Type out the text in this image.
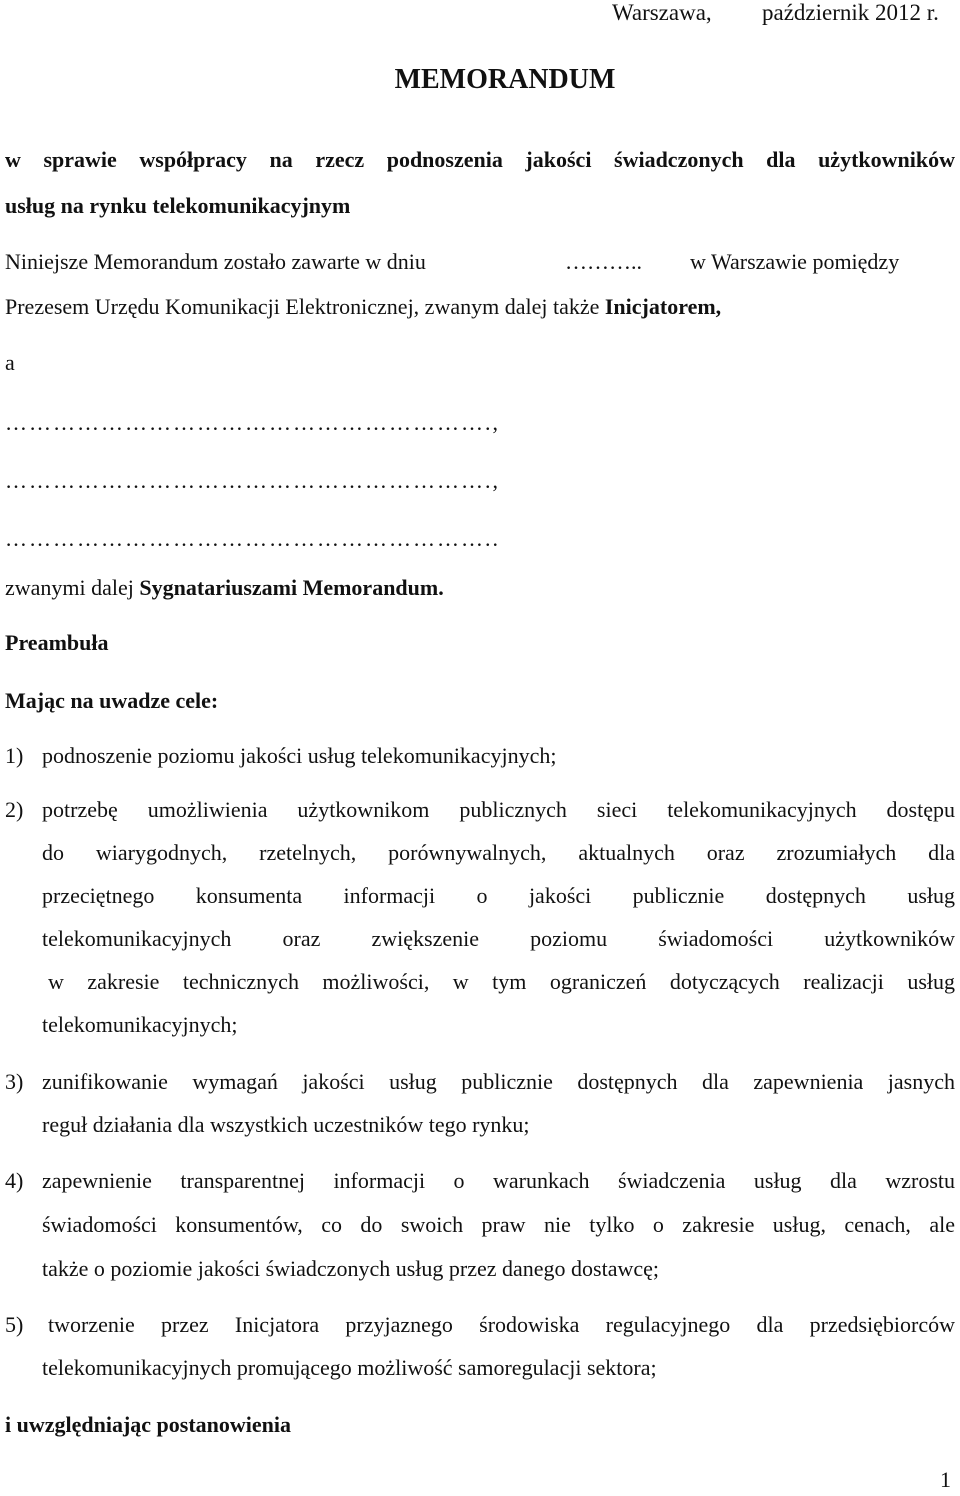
Warszawa, październik 2012 r.
MEMORANDUM
w sprawie współpracy na rzecz podnoszenia jakości świadczonych dla użytkowników
usług na rynku telekomunikacyjnym
Niniejsze Memorandum zostało zawarte w dniu	……….. w Warszawie pomiędzy
Prezesem Urzędu Komunikacji Elektronicznej, zwanym dalej także Inicjatorem,
a
…………………………………………………….,
…………………………………………………….,
……………………………………………………..
zwanymi dalej Sygnatariuszami Memorandum.
Preambuła
Mając na uwadze cele:
1) podnoszenie poziomu jakości usług telekomunikacyjnych;
2) potrzebę umożliwienia użytkownikom publicznych sieci telekomunikacyjnych dostępu
do wiarygodnych, rzetelnych, porównywalnych, aktualnych oraz zrozumiałych dla
przeciętnego konsumenta informacji o jakości publicznie dostępnych usług
telekomunikacyjnych oraz zwiększenie poziomu świadomości użytkowników
w zakresie technicznych możliwości, w tym ograniczeń dotyczących realizacji usług
telekomunikacyjnych;
3) zunifikowanie wymagań jakości usług publicznie dostępnych dla zapewnienia jasnych
reguł działania dla wszystkich uczestników tego rynku;
4) zapewnienie transparentnej informacji o warunkach świadczenia usług dla wzrostu
świadomości konsumentów, co do swoich praw nie tylko o zakresie usług, cenach, ale
także o poziomie jakości świadczonych usług przez danego dostawcę;
5) tworzenie przez Inicjatora przyjaznego środowiska regulacyjnego dla przedsiębiorców
telekomunikacyjnych promującego możliwość samoregulacji sektora;
i uwzględniając postanowienia
1
